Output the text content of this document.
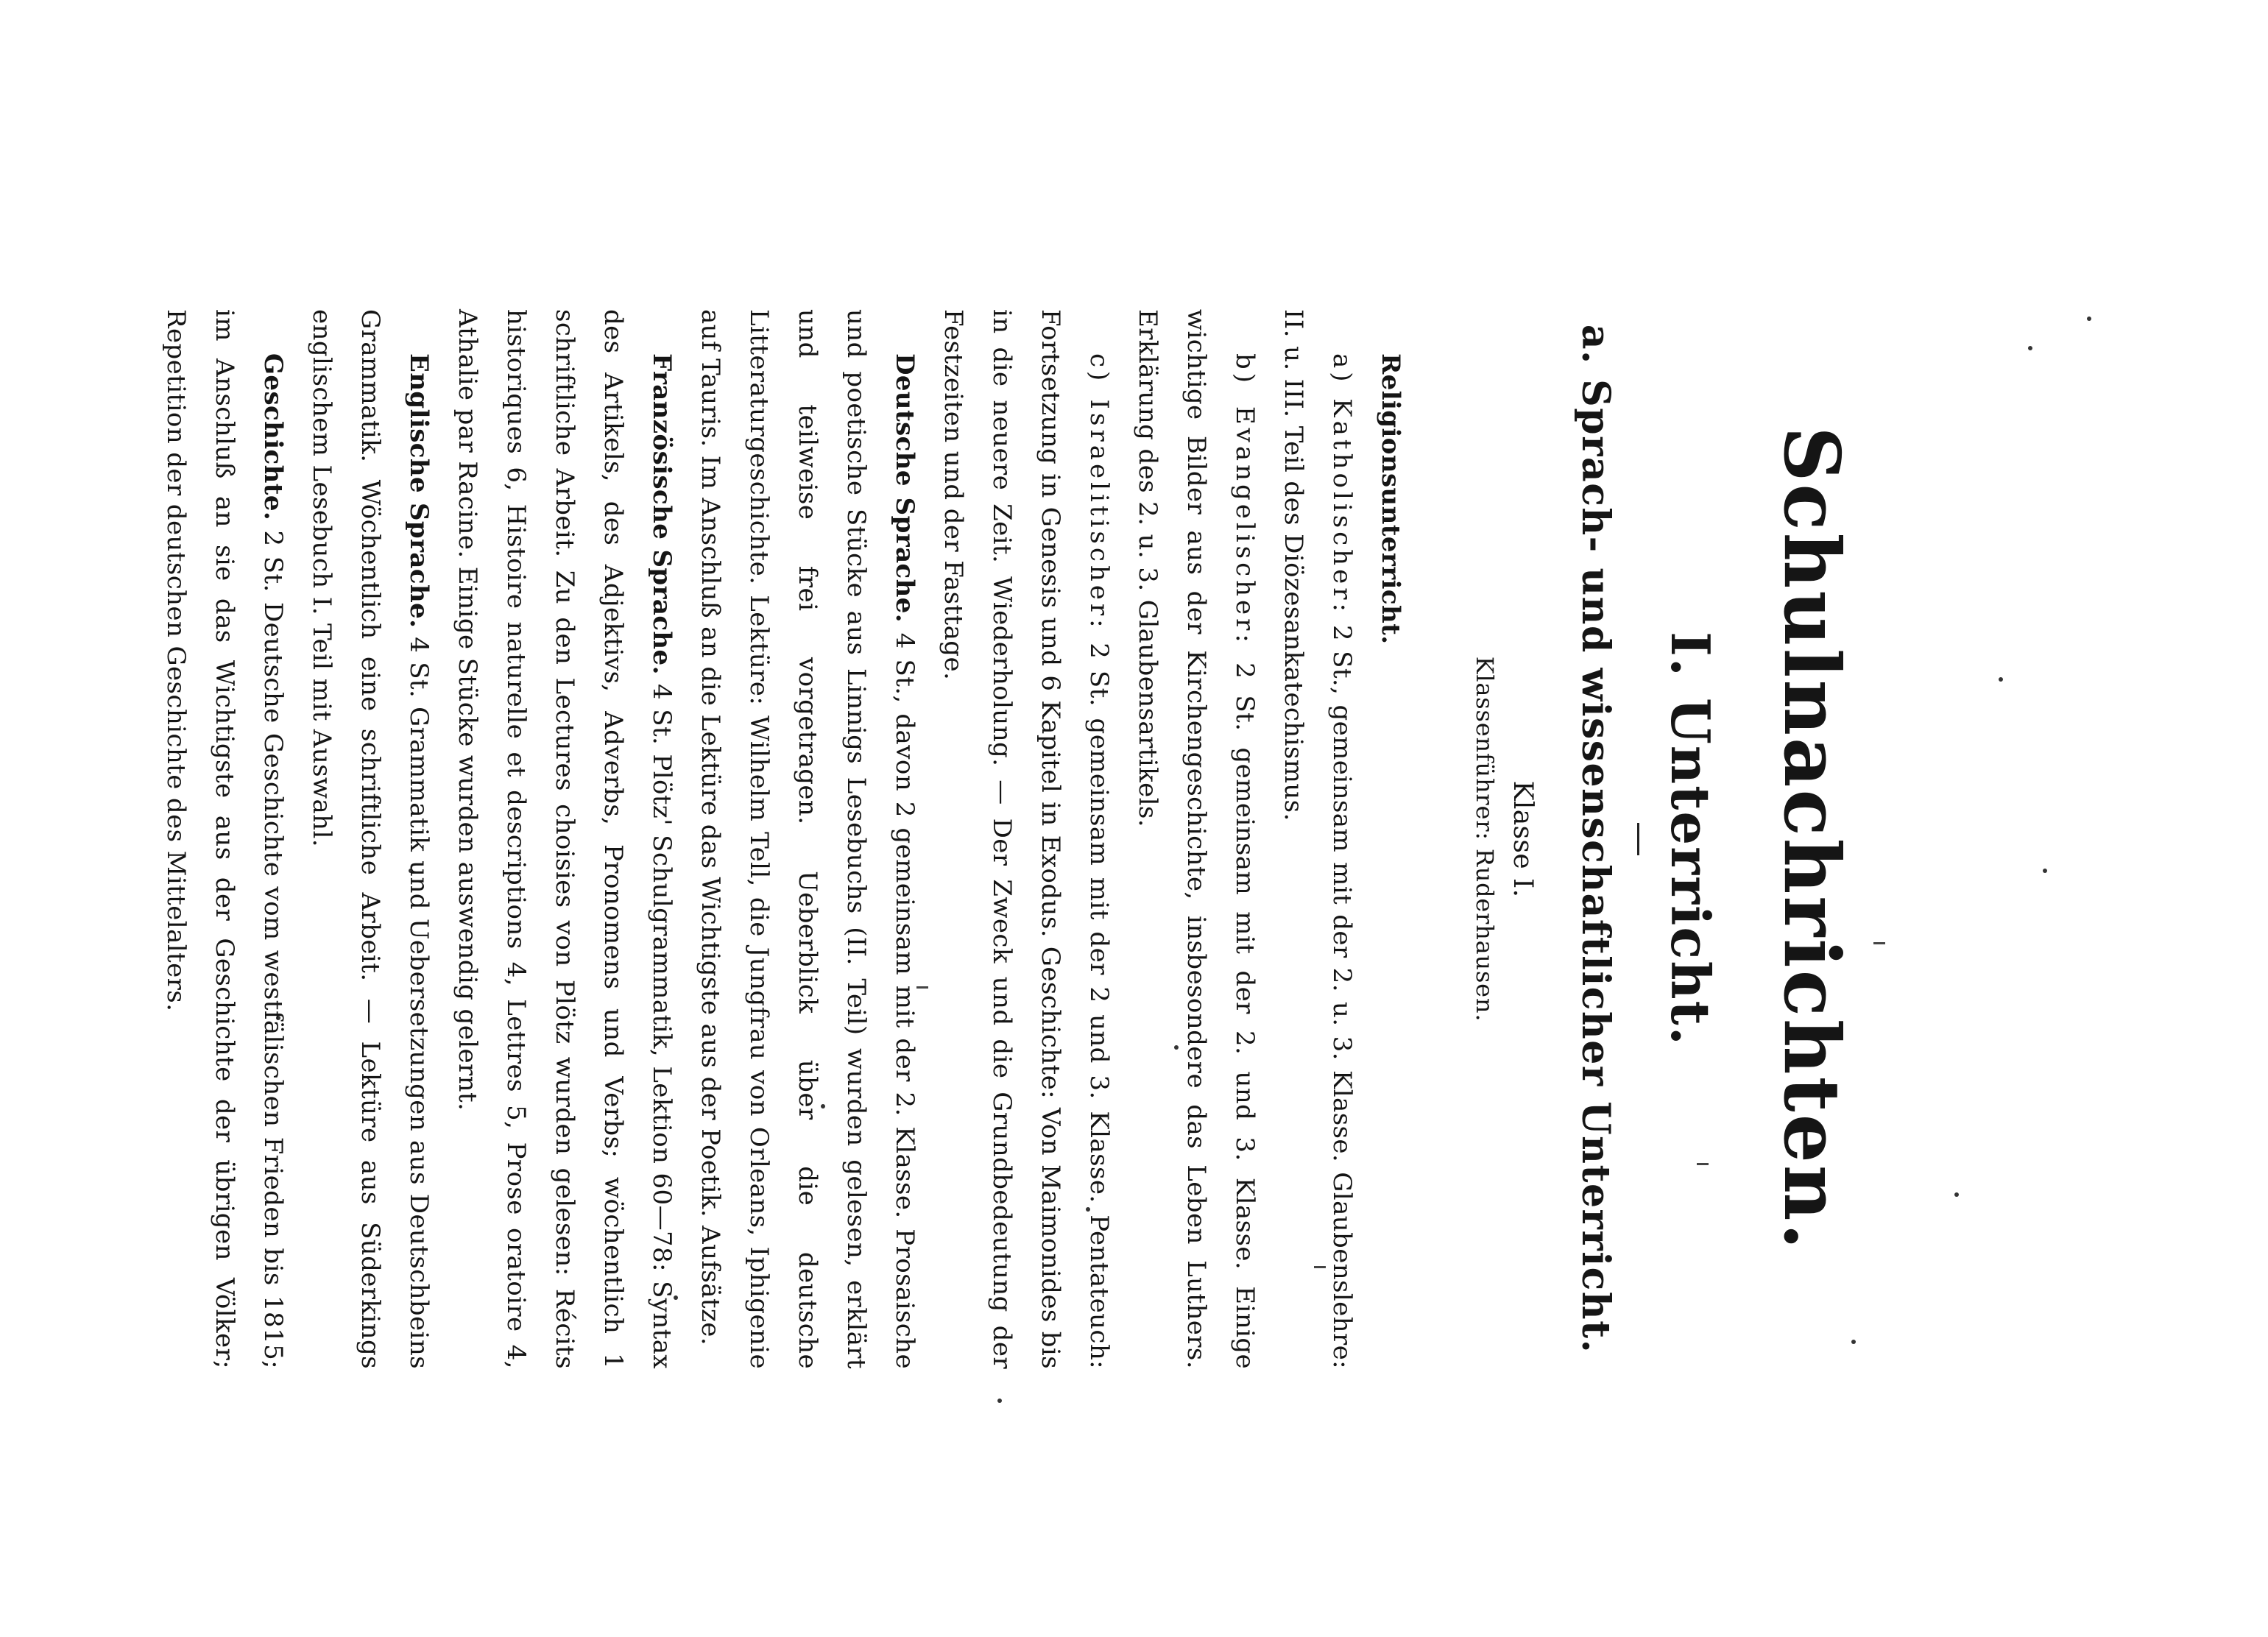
Schulnachrichten.
I. Unterricht.
a. Sprach- und wissenschaftlicher Unterricht.
Klasse I.
Klassenführer: Ruderhausen.

Religionsunterricht.

a) Katholischer: 2 St., gemeinsam mit der 2. u. 3. Klasse. Glaubenslehre: II. u. III. Teil des Diözesankatechismus.

b) Evangelischer: 2 St. gemeinsam mit der 2. und 3. Klasse. Einige wichtige Bilder aus der Kirchengeschichte, insbesondere das Leben Luthers. Erklärung des 2. u. 3. Glaubensartikels.

c) Israelitischer: 2 St. gemeinsam mit der 2 und 3. Klasse. Pentateuch: Fortsetzung in Genesis und 6 Kapitel in Exodus. Geschichte: Von Maimonides bis in die neuere Zeit. Wiederholung. — Der Zweck und die Grundbedeutung der Festzeiten und der Fasttage.

Deutsche Sprache. 4 St., davon 2 gemeinsam mit der 2. Klasse. Prosaische und poetische Stücke aus Linnigs Lesebuchs (II. Teil) wurden gelesen, erklärt und teilweise frei vorgetragen. Ueberblick über die deutsche Litteraturgeschichte. Lektüre: Wilhelm Tell, die Jungfrau von Orleans, Iphigenie auf Tauris. Im Anschluß an die Lektüre das Wichtigste aus der Poetik. Aufsätze.

Französische Sprache. 4 St. Plötz' Schulgrammatik, Lektion 60—78: Syntax des Artikels, des Adjektivs, Adverbs, Pronomens und Verbs; wöchentlich 1 schriftliche Arbeit. Zu den Lectures choisies von Plötz wurden gelesen: Récits historiques 6, Histoire naturelle et descriptions 4, Lettres 5, Prose oratoire 4, Athalie par Racine. Einige Stücke wurden auswendig gelernt.

Englische Sprache. 4 St. Grammatik und Uebersetzungen aus Deutschbeins Grammatik. Wöchentlich eine schriftliche Arbeit. — Lektüre aus Süderkings englischem Lesebuch I. Teil mit Auswahl.

Geschichte. 2 St. Deutsche Geschichte vom westfälischen Frieden bis 1815; im Anschluß an sie das Wichtigste aus der Geschichte der übrigen Völker; Repetition der deutschen Geschichte des Mittelalters.
